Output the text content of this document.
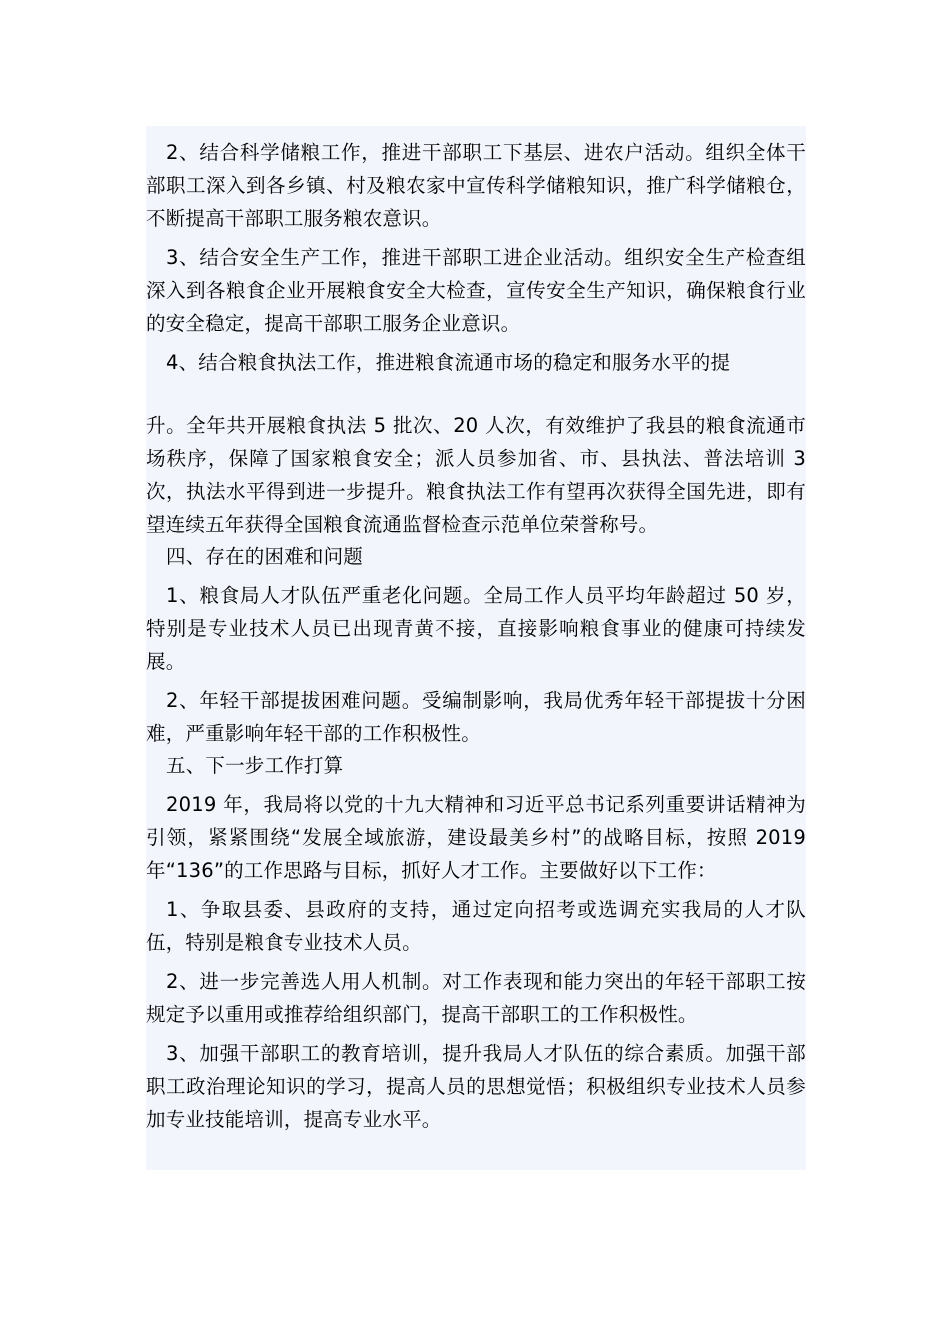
2、结合科学储粮工作，推进干部职工下基层、进农户活动。组织全体干部职工深入到各乡镇、村及粮农家中宣传科学储粮知识，推广科学储粮仓，不断提高干部职工服务粮农意识。

3、结合安全生产工作，推进干部职工进企业活动。组织安全生产检查组深入到各粮食企业开展粮食安全大检查，宣传安全生产知识，确保粮食行业的安全稳定，提高干部职工服务企业意识。

4、结合粮食执法工作，推进粮食流通市场的稳定和服务水平的提

升。全年共开展粮食执法 5 批次、20 人次，有效维护了我县的粮食流通市场秩序，保障了国家粮食安全；派人员参加省、市、县执法、普法培训 3 次，执法水平得到进一步提升。粮食执法工作有望再次获得全国先进，即有望连续五年获得全国粮食流通监督检查示范单位荣誉称号。

四、存在的困难和问题

1、粮食局人才队伍严重老化问题。全局工作人员平均年龄超过 50 岁，特别是专业技术人员已出现青黄不接，直接影响粮食事业的健康可持续发展。

2、年轻干部提拔困难问题。受编制影响，我局优秀年轻干部提拔十分困难，严重影响年轻干部的工作积极性。

五、下一步工作打算

2019 年，我局将以党的十九大精神和习近平总书记系列重要讲话精神为引领，紧紧围绕“发展全域旅游，建设最美乡村”的战略目标，按照 2019 年“136”的工作思路与目标，抓好人才工作。主要做好以下工作：

1、争取县委、县政府的支持，通过定向招考或选调充实我局的人才队伍，特别是粮食专业技术人员。

2、进一步完善选人用人机制。对工作表现和能力突出的年轻干部职工按规定予以重用或推荐给组织部门，提高干部职工的工作积极性。

3、加强干部职工的教育培训，提升我局人才队伍的综合素质。加强干部职工政治理论知识的学习，提高人员的思想觉悟；积极组织专业技术人员参加专业技能培训，提高专业水平。
